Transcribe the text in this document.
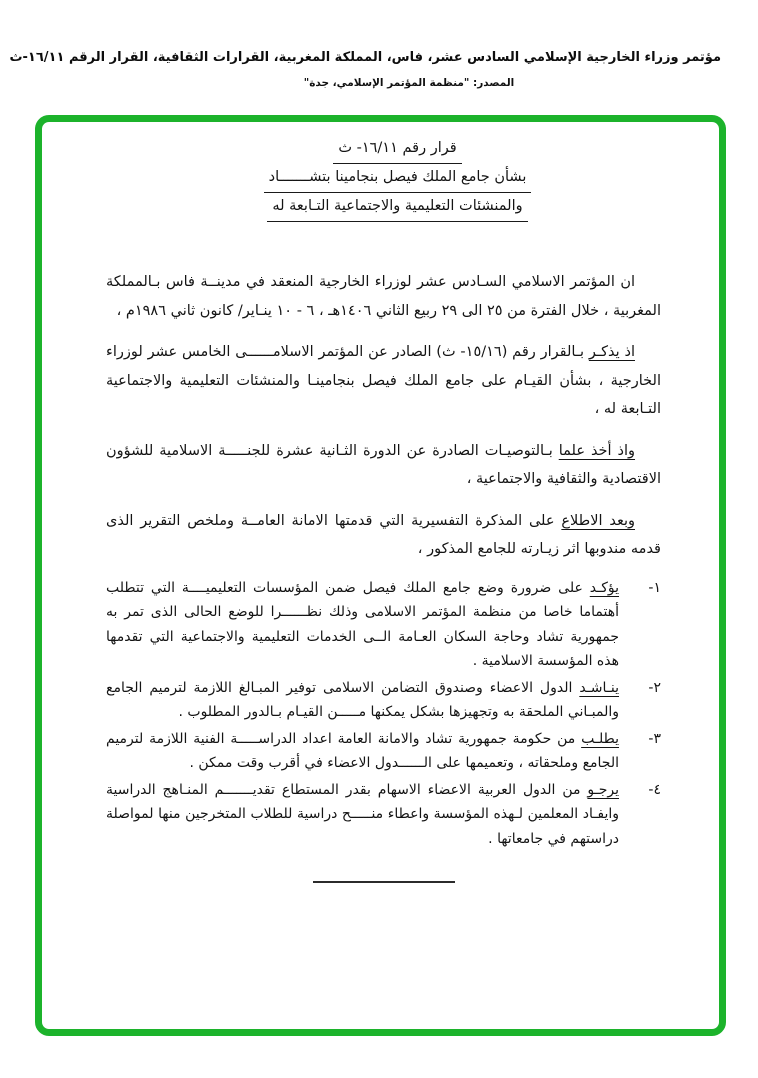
مؤتمر وزراء الخارجية الإسلامي السادس عشر، فاس، المملكة المغربية، القرارات الثقافية، القرار الرقم ١٦/١١-ث
المصدر: "منظمة المؤتمر الإسلامي، جدة"
قرار رقم ١٦/١١- ث
بشأن جامع الملك فيصل بنجامينا بتشـــــــاد
والمنشئات التعليمية والاجتماعية التـابعة له

ان المؤتمر الاسلامي السـادس عشر لوزراء الخارجية المنعقد في مدينــة فاس بـالمملكة المغربية ، خلال الفترة من ٢٥ الى ٢٩ ربيع الثاني ١٤٠٦هـ ، ٦ - ١٠ ينـاير/ كانون ثاني ١٩٨٦م ،

اذ يذكـر بـالقرار رقم (١٥/١٦- ث) الصادر عن المؤتمر الاسلامــــــى الخامس عشر لوزراء الخارجية ، بشأن القيـام على جامع الملك فيصل بنجامينـا والمنشئات التعليمية والاجتماعية التـابعة له ،

واذ أخذ علما بـالتوصيـات الصادرة عن الدورة الثـانية عشرة للجنـــــة الاسلامية للشؤون الاقتصادية والثقافية والاجتماعية ،

وبعد الاطلاع على المذكرة التفسيرية التي قدمتها الامانة العامــة وملخص التقرير الذى قدمه مندوبها اثر زيـارته للجامع المذكور ،

١-
يؤكـد على ضرورة وضع جامع الملك فيصل ضمن المؤسسات التعليميــــة التي تتطلب أهتماما خاصا من منظمة المؤتمر الاسلامى وذلك نظــــــرا للوضع الحالى الذى تمر به جمهورية تشاد وحاجة السكان العـامة الــى الخدمات التعليمية والاجتماعية التي تقدمها هذه المؤسسة الاسلامية .
٢-
ينـاشـد الدول الاعضاء وصندوق التضامن الاسلامى توفير المبـالغ اللازمة لترميم الجامع والمبـاني الملحقة به وتجهيزها بشكل يمكنها مـــــن القيـام بـالدور المطلوب .
٣-
يطلـب من حكومة جمهورية تشاد والامانة العامة اعداد الدراســـــة الفنية اللازمة لترميم الجامع وملحقاته ، وتعميمها على الــــــدول الاعضاء في أقرب وقت ممكن .
٤-
يرجـو من الدول العربية الاعضاء الاسهام بقدر المستطاع تقديـــــــم المنـاهج الدراسية وايفـاد المعلمين لـهذه المؤسسة واعطاء منـــــح دراسية للطلاب المتخرجين منها لمواصلة دراستهم في جامعاتها .
